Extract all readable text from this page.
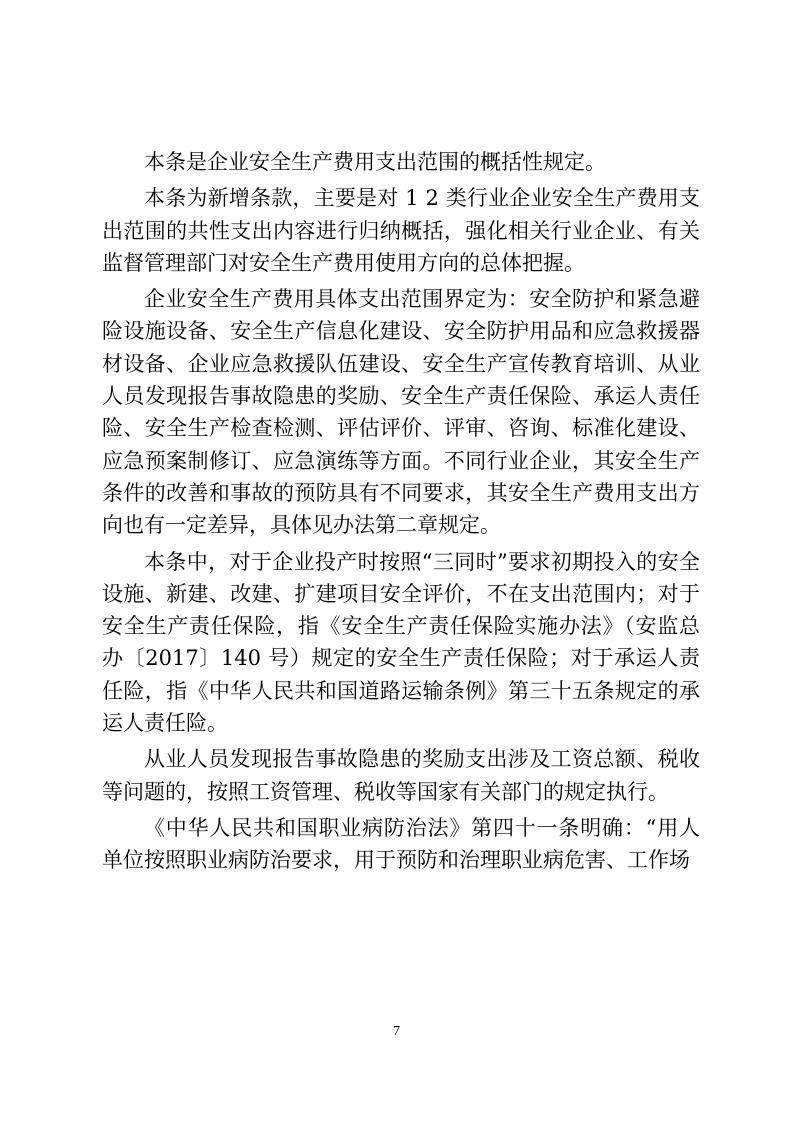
本条是企业安全生产费用支出范围的概括性规定。

本条为新增条款，主要是对 1 2 类行业企业安全生产费用支出范围的共性支出内容进行归纳概括，强化相关行业企业、有关监督管理部门对安全生产费用使用方向的总体把握。

企业安全生产费用具体支出范围界定为：安全防护和紧急避险设施设备、安全生产信息化建设、安全防护用品和应急救援器材设备、企业应急救援队伍建设、安全生产宣传教育培训、从业人员发现报告事故隐患的奖励、安全生产责任保险、承运人责任险、安全生产检查检测、评估评价、评审、咨询、标准化建设、应急预案制修订、应急演练等方面。不同行业企业，其安全生产条件的改善和事故的预防具有不同要求，其安全生产费用支出方向也有一定差异，具体见办法第二章规定。

本条中，对于企业投产时按照“三同时”要求初期投入的安全设施、新建、改建、扩建项目安全评价，不在支出范围内；对于安全生产责任保险，指《安全生产责任保险实施办法》（安监总办〔2017〕140 号）规定的安全生产责任保险；对于承运人责任险，指《中华人民共和国道路运输条例》第三十五条规定的承运人责任险。

从业人员发现报告事故隐患的奖励支出涉及工资总额、税收等问题的，按照工资管理、税收等国家有关部门的规定执行。

《中华人民共和国职业病防治法》第四十一条明确：“用人单位按照职业病防治要求，用于预防和治理职业病危害、工作场

7
